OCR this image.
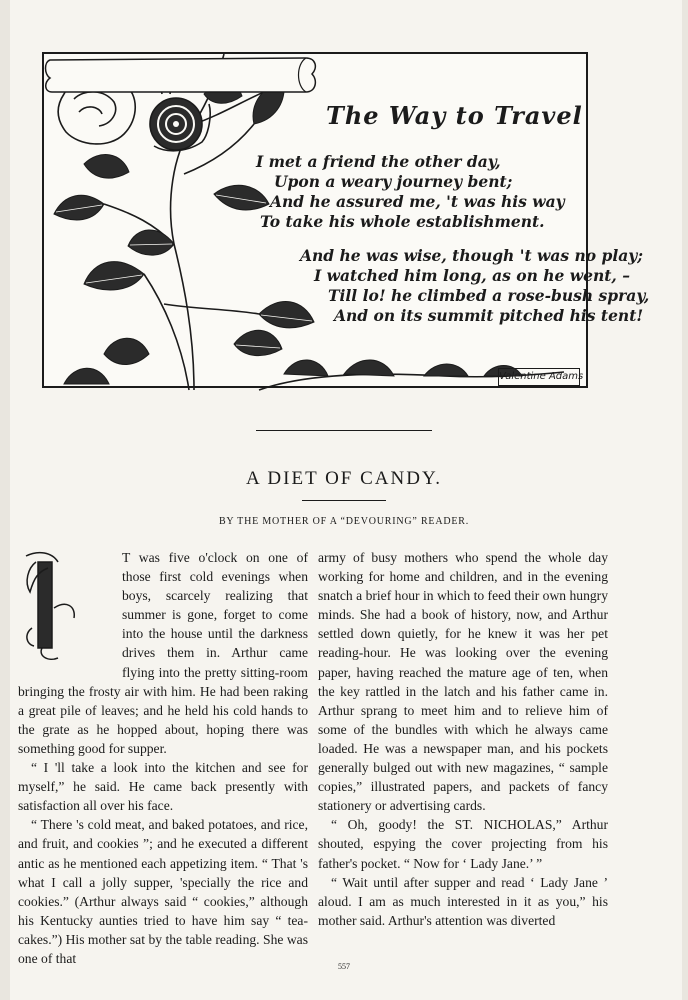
The Way to Travel
I met a friend the other day,
Upon a weary journey bent;
And he assured me, 't was his way
To take his whole establishment.
And he was wise, though 't was no play;
I watched him long, as on he went, –
Till lo! he climbed a rose-bush spray,
And on its summit pitched his tent!
Valentine Adams
A DIET OF CANDY.
BY THE MOTHER OF A “DEVOURING” READER.

T was five o'clock on one of those first cold evenings when boys, scarcely realizing that summer is gone, forget to come into the house until the darkness drives them in. Arthur came flying into the pretty sitting-room bringing the frosty air with him. He had been raking a great pile of leaves; and he held his cold hands to the grate as he hopped about, hoping there was something good for supper.

“ I 'll take a look into the kitchen and see for myself,” he said. He came back presently with satisfaction all over his face.

“ There 's cold meat, and baked potatoes, and rice, and fruit, and cookies ”; and he executed a different antic as he mentioned each appetizing item. “ That 's what I call a jolly supper, 'specially the rice and cookies.” (Arthur always said “ cookies,” although his Kentucky aunties tried to have him say “ tea-cakes.”) His mother sat by the table reading. She was one of that

army of busy mothers who spend the whole day working for home and children, and in the evening snatch a brief hour in which to feed their own hungry minds. She had a book of history, now, and Arthur settled down quietly, for he knew it was her pet reading-hour. He was looking over the evening paper, having reached the mature age of ten, when the key rattled in the latch and his father came in. Arthur sprang to meet him and to relieve him of some of the bundles with which he always came loaded. He was a newspaper man, and his pockets generally bulged out with new magazines, “ sample copies,” illustrated papers, and packets of fancy stationery or advertising cards.

“ Oh, goody! the ST. NICHOLAS,” Arthur shouted, espying the cover projecting from his father's pocket. “ Now for ‘ Lady Jane.’ ”

“ Wait until after supper and read ‘ Lady Jane ’ aloud. I am as much interested in it as you,” his mother said. Arthur's attention was diverted

557
